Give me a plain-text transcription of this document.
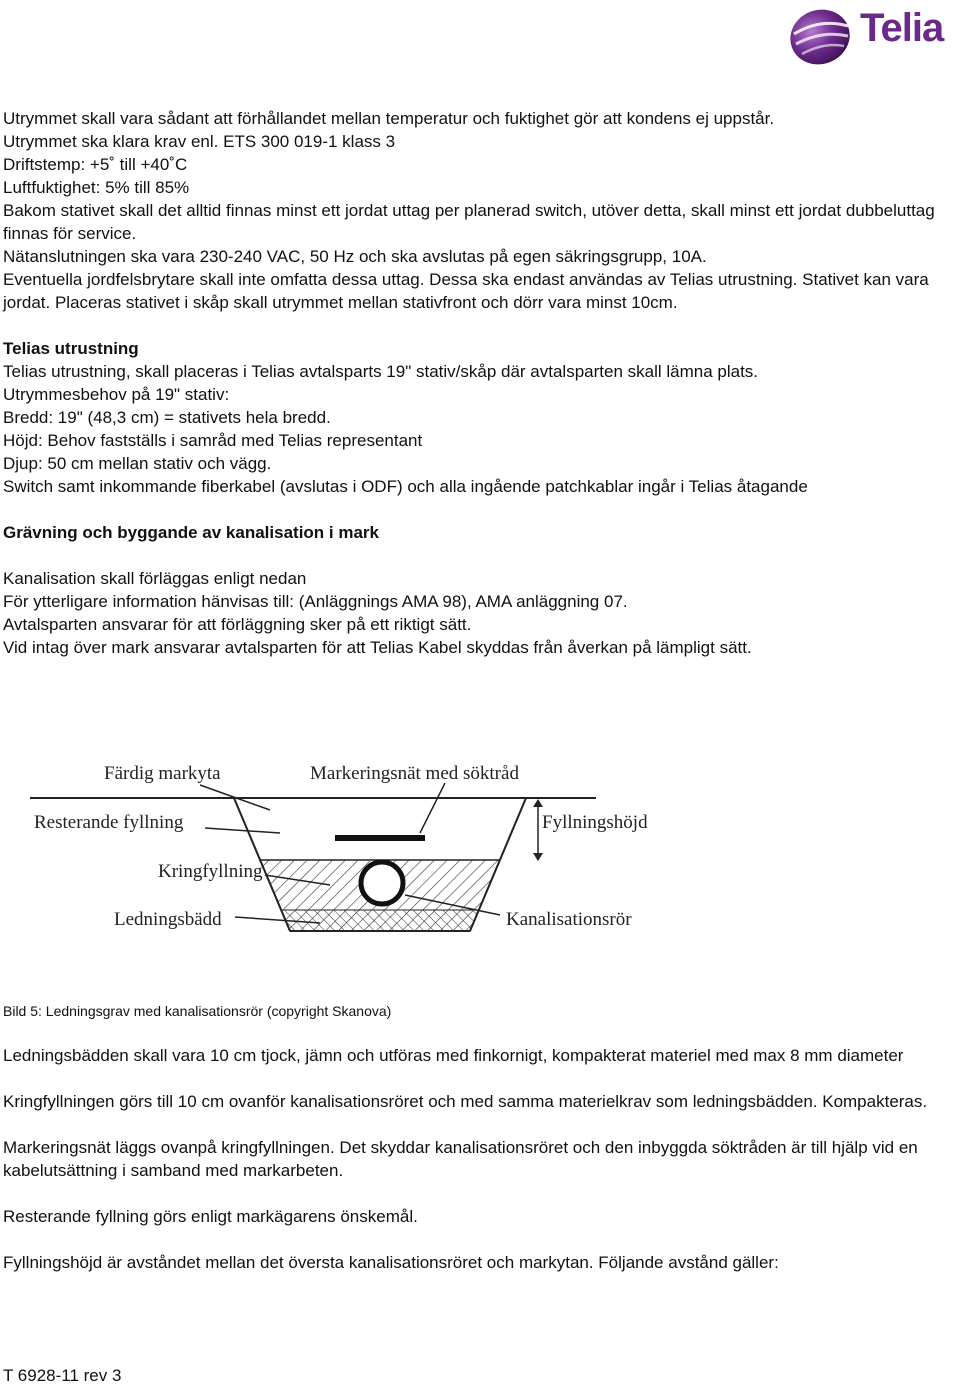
Telia

Utrymmet skall vara sådant att förhållandet mellan temperatur och fuktighet gör att kondens ej uppstår.

Utrymmet ska klara krav enl. ETS 300 019-1 klass 3

Driftstemp: +5˚ till +40˚C

Luftfuktighet: 5% till 85%

Bakom stativet skall det alltid finnas minst ett jordat uttag per planerad switch, utöver detta, skall minst ett jordat dubbeluttag finnas för service.

Nätanslutningen ska vara 230-240 VAC, 50 Hz och ska avslutas på egen säkringsgrupp, 10A.

Eventuella jordfelsbrytare skall inte omfatta dessa uttag. Dessa ska endast användas av Telias utrustning. Stativet kan vara jordat. Placeras stativet i skåp skall utrymmet mellan stativfront och dörr vara minst 10cm.

Telias utrustning

Telias utrustning, skall placeras i Telias avtalsparts 19" stativ/skåp där avtalsparten skall lämna plats.

Utrymmesbehov på 19" stativ:

Bredd: 19" (48,3 cm) = stativets hela bredd.

Höjd: Behov fastställs i samråd med Telias representant

Djup: 50 cm mellan stativ och vägg.

Switch samt inkommande fiberkabel (avslutas i ODF) och alla ingående patchkablar ingår i Telias åtagande

Grävning och byggande av kanalisation i mark

Kanalisation skall förläggas enligt nedan

För ytterligare information hänvisas till: (Anläggnings AMA 98), AMA anläggning 07.

Avtalsparten ansvarar för att förläggning sker på ett riktigt sätt.

Vid intag över mark ansvarar avtalsparten för att Telias Kabel skyddas från åverkan på lämpligt sätt.

Färdig markyta	Markeringsnät med söktråd
Resterande fyllning	Fyllningshöjd
Kringfyllning
Ledningsbädd	Kanalisationsrör
Bild 5: Ledningsgrav med kanalisationsrör (copyright Skanova)

Ledningsbädden skall vara 10 cm tjock, jämn och utföras med finkornigt, kompakterat materiel med max 8 mm diameter

Kringfyllningen görs till 10 cm ovanför kanalisationsröret och med samma materielkrav som ledningsbädden. Kompakteras.

Markeringsnät läggs ovanpå kringfyllningen. Det skyddar kanalisationsröret och den inbyggda söktråden är till hjälp vid en kabelutsättning i samband med markarbeten.

Resterande fyllning görs enligt markägarens önskemål.

Fyllningshöjd är avståndet mellan det översta kanalisationsröret och markytan. Följande avstånd gäller:

T 6928-11 rev 3
